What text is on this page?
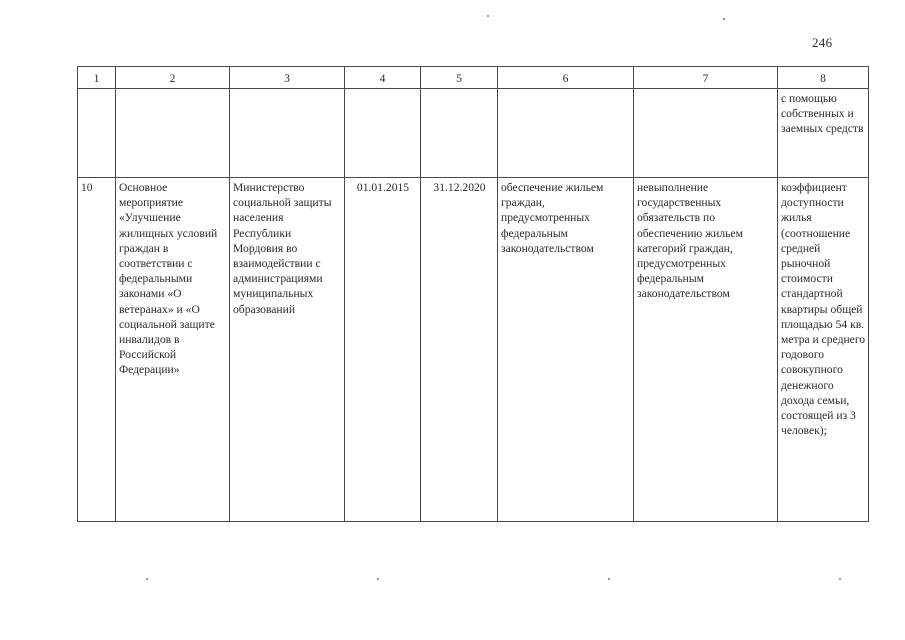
246
1	2	3	4	5	6	7	8
							с помощью собственных и заемных средств
10	Основное мероприятие «Улучшение жилищных условий граждан в соответствии с федеральными законами «О ветеранах» и «О социальной защите инвалидов в Российской Федерации»	Министерство социальной защиты населения Республики Мордовия во взаимодействии с администрациями муниципальных образований	01.01.2015	31.12.2020	обеспечение жильем граждан, предусмотренных федеральным законодательством	невыполнение государственных обязательств по обеспечению жильем категорий граждан, предусмотренных федеральным законодательством	коэффициент доступности жилья (соотношение средней рыночной стоимости стандартной квартиры общей площадью 54 кв. метра и среднего годового совокупного денежного дохода семьи, состоящей из 3 человек);
